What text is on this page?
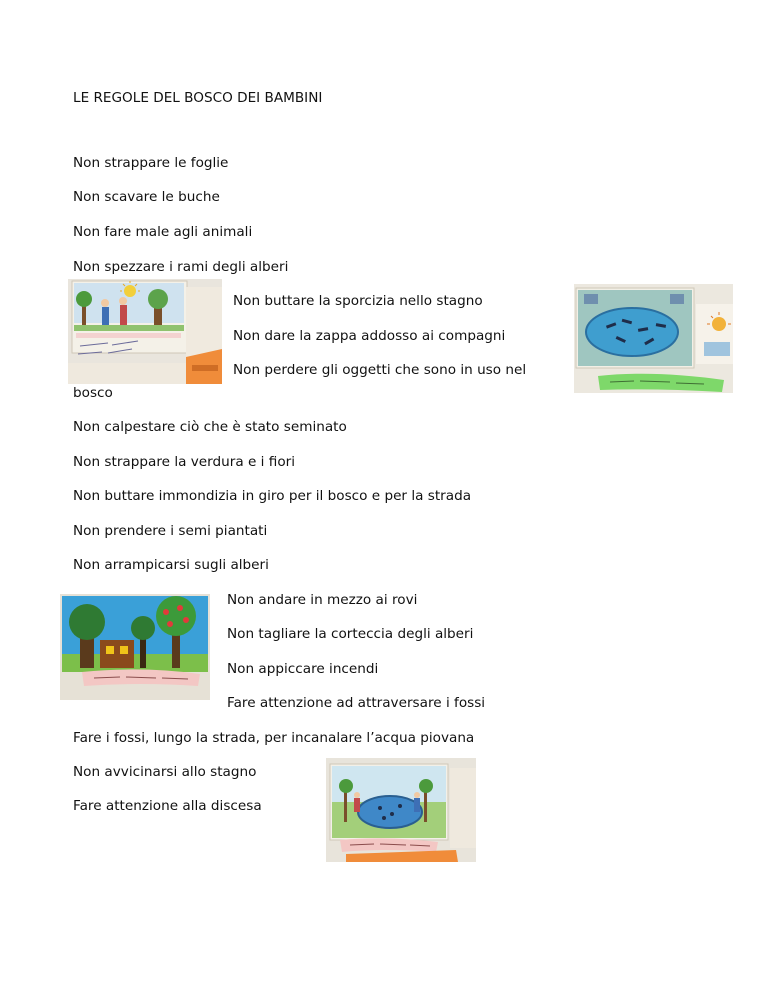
LE REGOLE DEL BOSCO DEI BAMBINI
Non strappare le foglie
Non scavare le buche
Non fare male agli animali
Non spezzare i rami degli alberi
Non buttare la sporcizia nello stagno
Non dare la zappa addosso ai compagni
Non perdere gli oggetti che sono in uso nel
bosco
Non calpestare ciò che è stato seminato
Non strappare la verdura e i fiori
Non buttare immondizia in giro per il bosco e per la strada
Non prendere i semi piantati
Non arrampicarsi sugli alberi
Non andare in mezzo ai rovi
Non tagliare la corteccia degli alberi
Non appiccare incendi
Fare attenzione ad attraversare i fossi
Fare i fossi, lungo la strada, per incanalare l’acqua piovana
Non avvicinarsi allo stagno
Fare attenzione alla discesa
